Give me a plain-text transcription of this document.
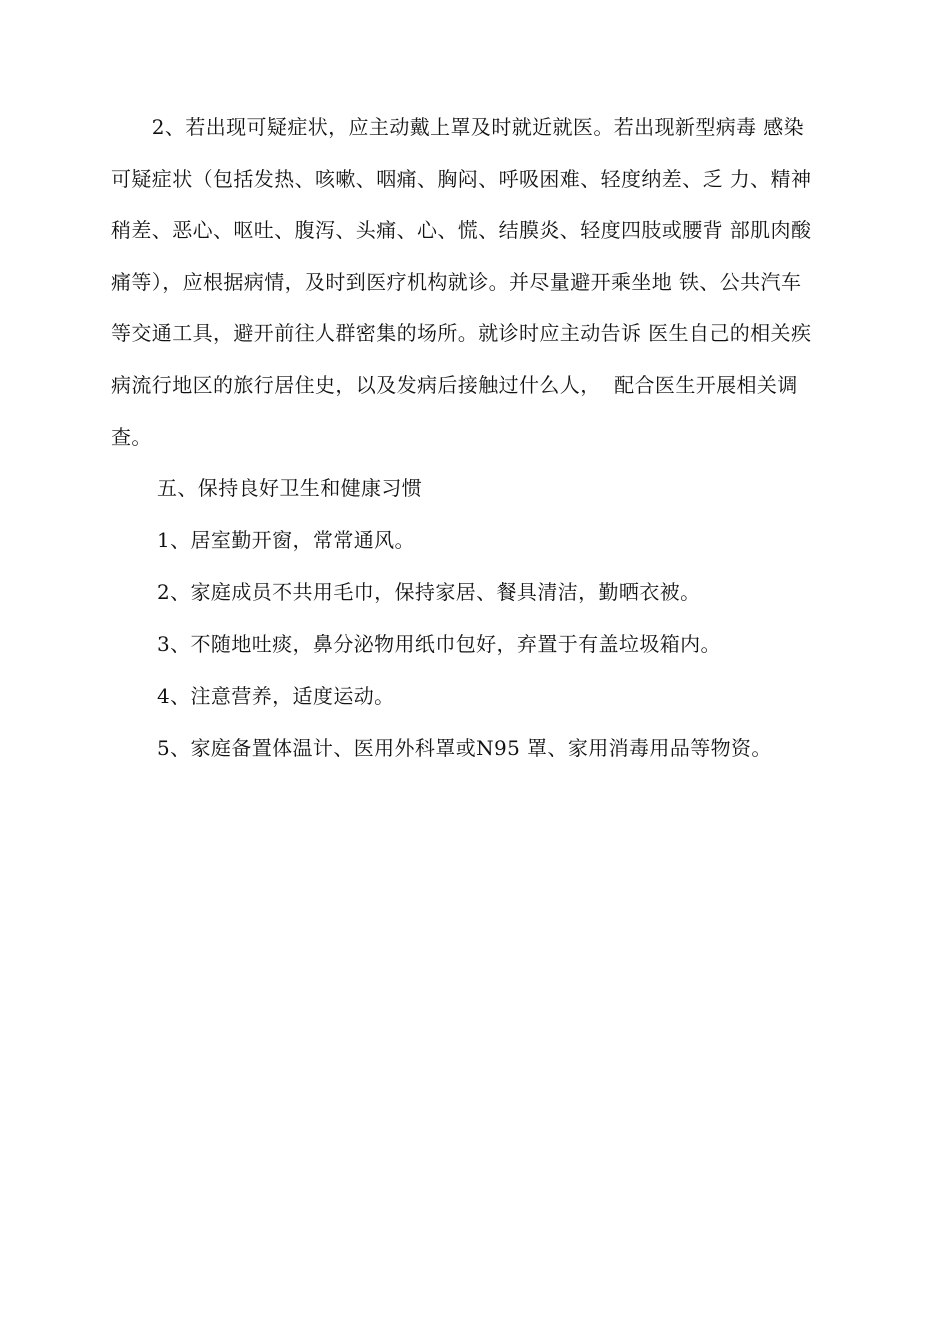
　　2、若出现可疑症状，应主动戴上罩及时就近就医。若出现新型病毒 感染
可疑症状（包括发热、咳嗽、咽痛、胸闷、呼吸困难、轻度纳差、乏 力、精神
稍差、恶心、呕吐、腹泻、头痛、心、慌、结膜炎、轻度四肢或腰背 部肌肉酸
痛等），应根据病情，及时到医疗机构就诊。并尽量避开乘坐地 铁、公共汽车
等交通工具，避开前往人群密集的场所。就诊时应主动告诉 医生自己的相关疾
病流行地区的旅行居住史，以及发病后接触过什么人，  配合医生开展相关调
查。
五、保持良好卫生和健康习惯
1、居室勤开窗，常常通风。
2、家庭成员不共用毛巾，保持家居、餐具清洁，勤晒衣被。
3、不随地吐痰，鼻分泌物用纸巾包好，弃置于有盖垃圾箱内。
4、注意营养，适度运动。
5、家庭备置体温计、医用外科罩或N95 罩、家用消毒用品等物资。
